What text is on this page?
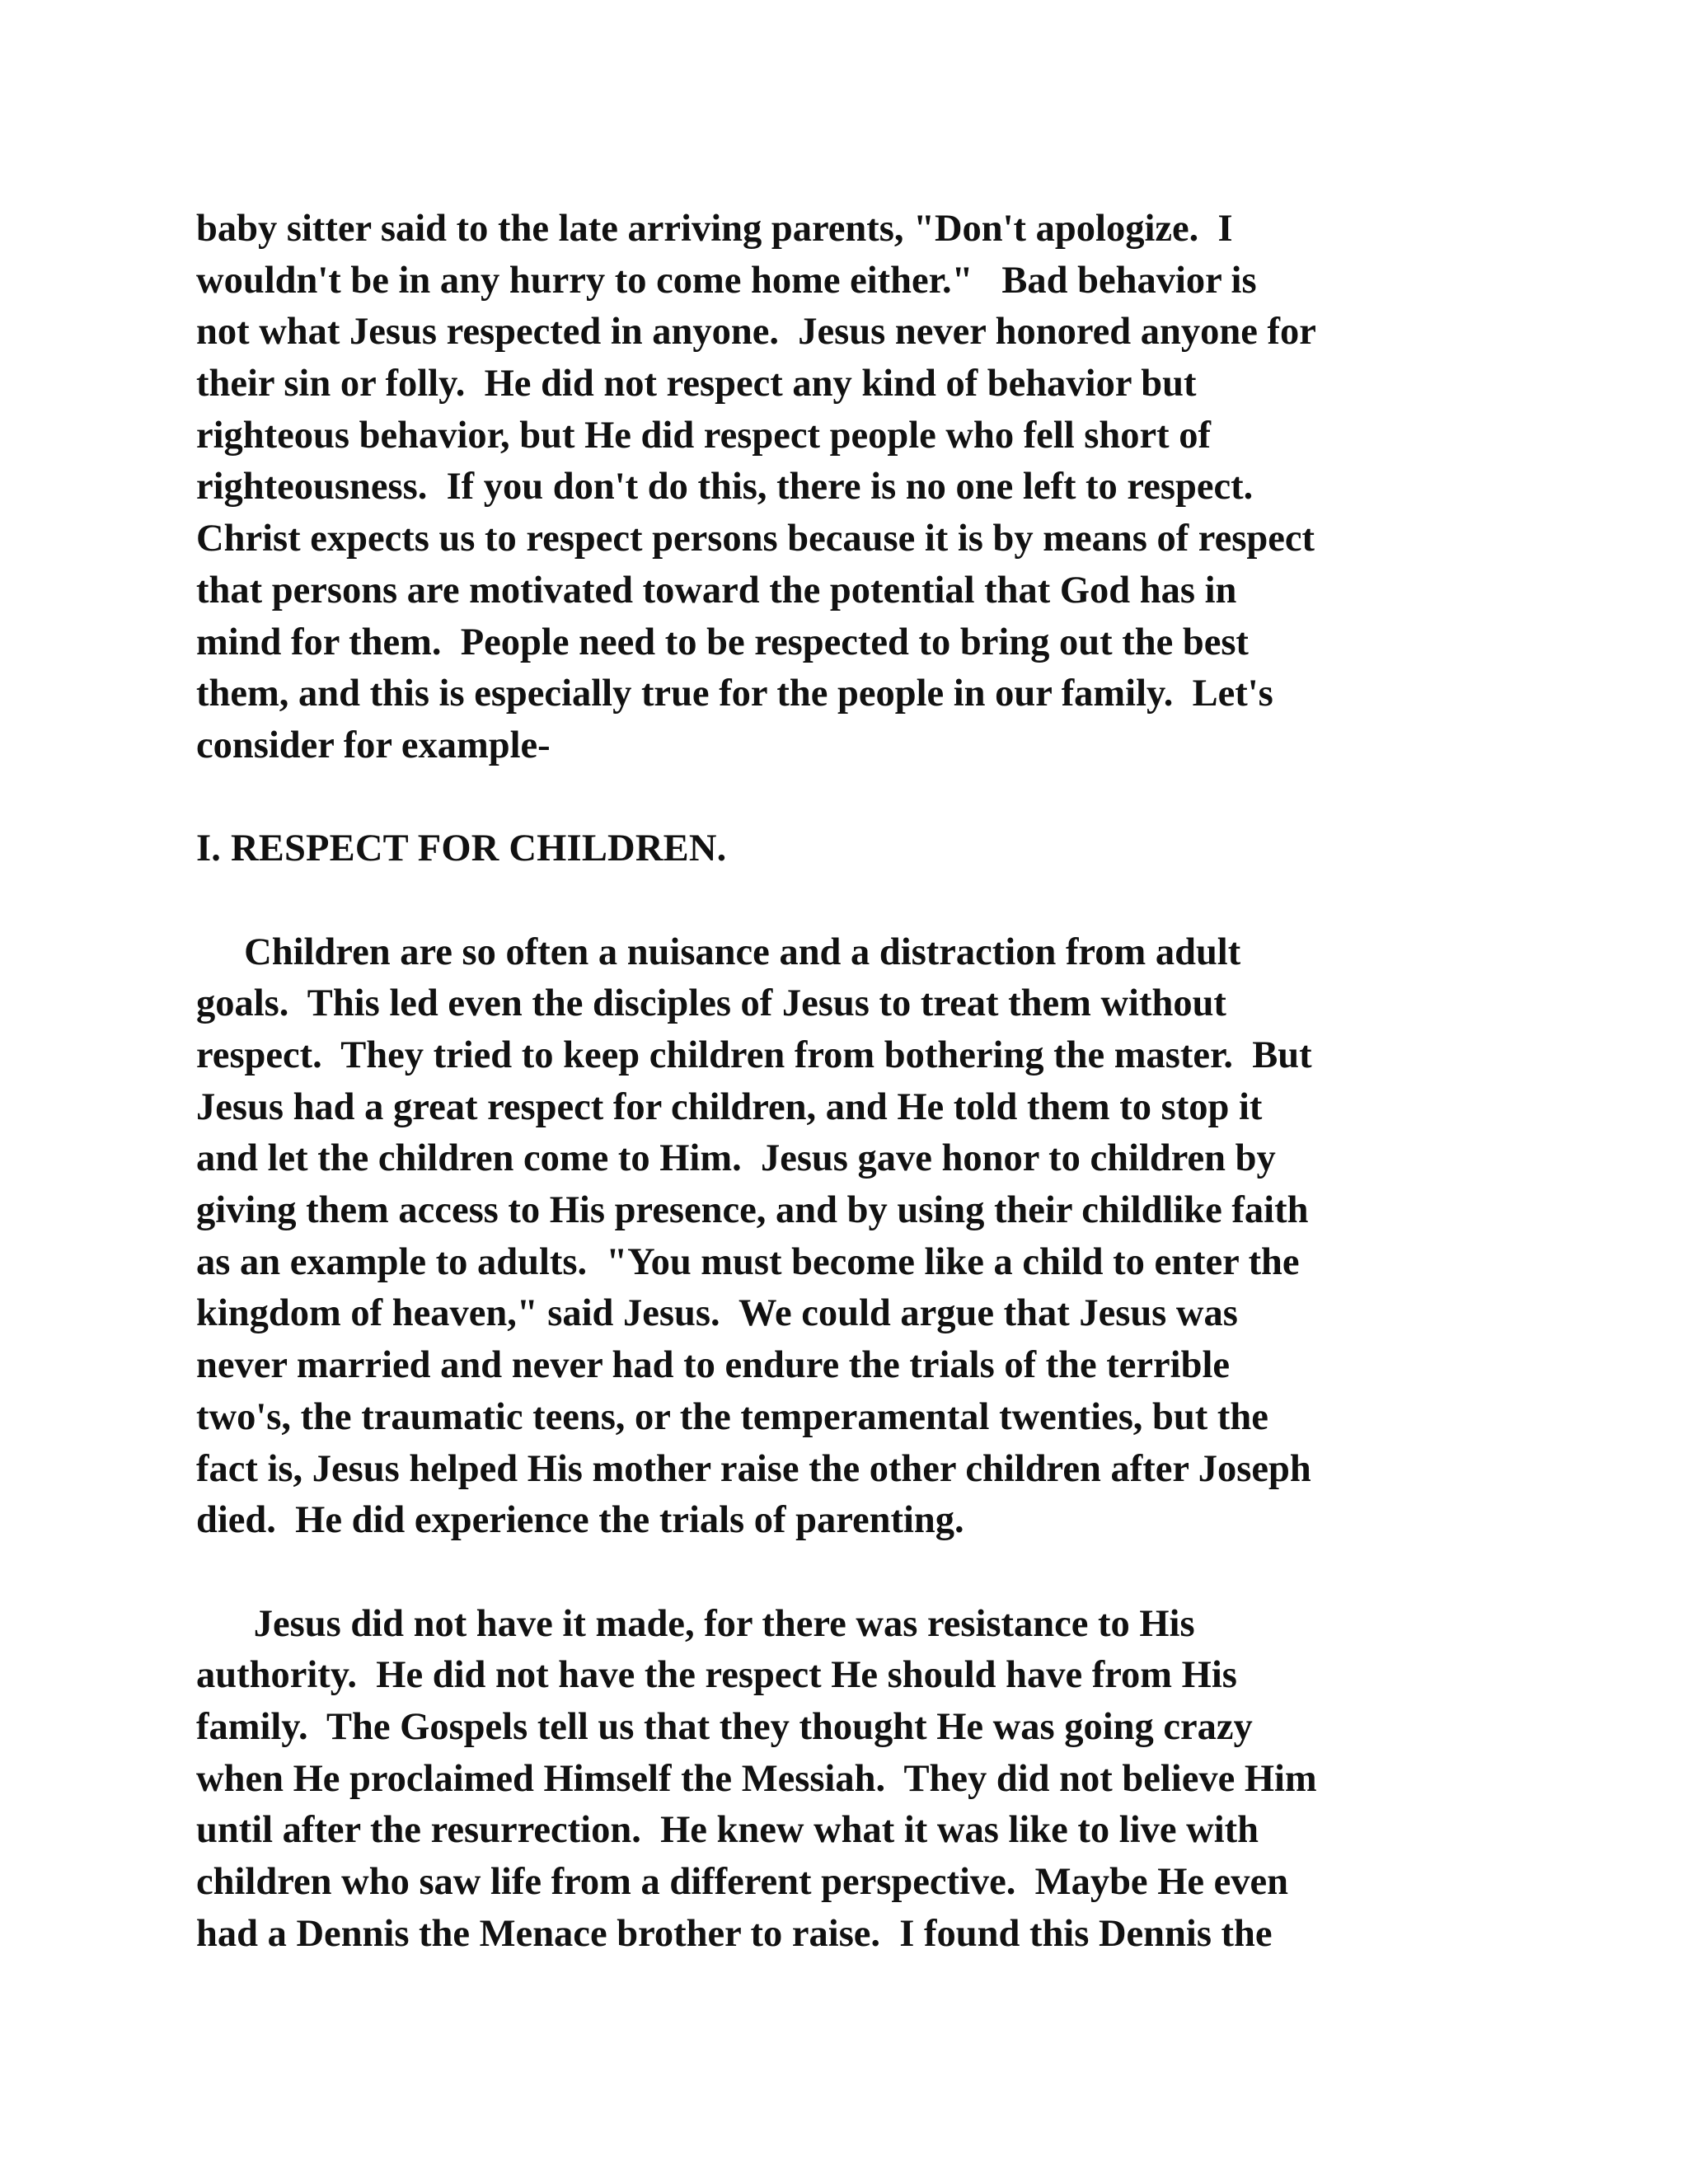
baby sitter said to the late arriving parents, "Don't apologize.  I
wouldn't be in any hurry to come home either."   Bad behavior is
not what Jesus respected in anyone.  Jesus never honored anyone for
their sin or folly.  He did not respect any kind of behavior but
righteous behavior, but He did respect people who fell short of
righteousness.  If you don't do this, there is no one left to respect.
Christ expects us to respect persons because it is by means of respect
that persons are motivated toward the potential that God has in
mind for them.  People need to be respected to bring out the best
them, and this is especially true for the people in our family.  Let's
consider for example-
I. RESPECT FOR CHILDREN.
Children are so often a nuisance and a distraction from adult
goals.  This led even the disciples of Jesus to treat them without
respect.  They tried to keep children from bothering the master.  But
Jesus had a great respect for children, and He told them to stop it
and let the children come to Him.  Jesus gave honor to children by
giving them access to His presence, and by using their childlike faith
as an example to adults.  "You must become like a child to enter the
kingdom of heaven," said Jesus.  We could argue that Jesus was
never married and never had to endure the trials of the terrible
two's, the traumatic teens, or the temperamental twenties, but the
fact is, Jesus helped His mother raise the other children after Joseph
died.  He did experience the trials of parenting.
Jesus did not have it made, for there was resistance to His
authority.  He did not have the respect He should have from His
family.  The Gospels tell us that they thought He was going crazy
when He proclaimed Himself the Messiah.  They did not believe Him
until after the resurrection.  He knew what it was like to live with
children who saw life from a different perspective.  Maybe He even
had a Dennis the Menace brother to raise.  I found this Dennis the
